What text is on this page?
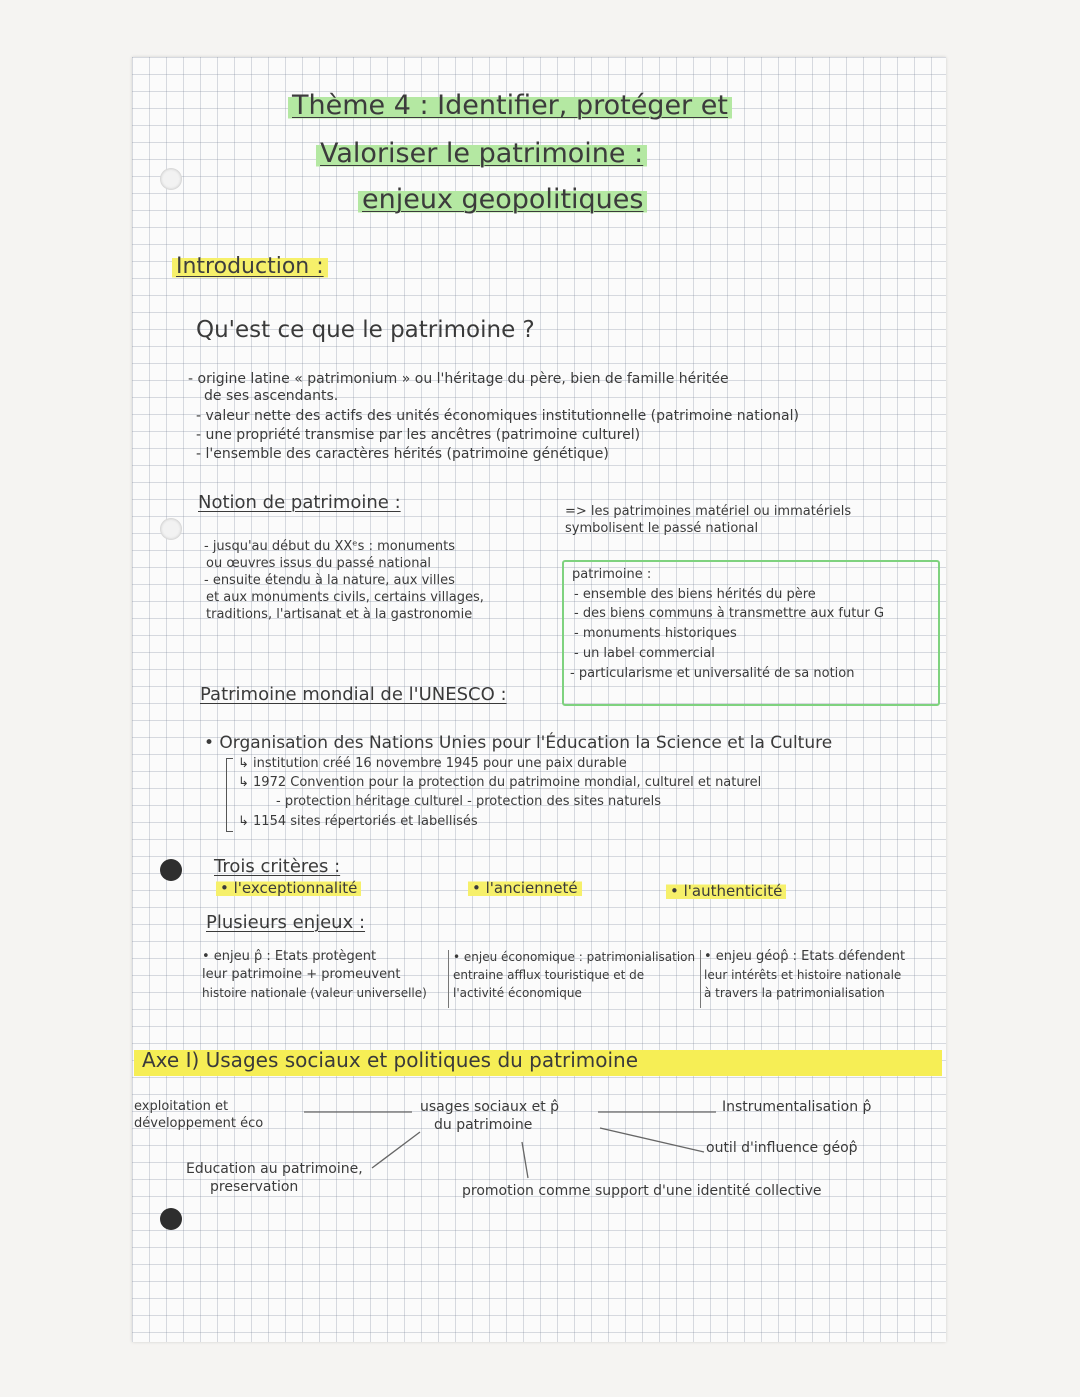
Thème 4 : Identifier, protéger et
Valoriser le patrimoine :
enjeux geopolitiques
Introduction :
Qu'est ce que le patrimoine ?
- origine latine « patrimonium » ou l'héritage du père, bien de famille héritée
de ses ascendants.
- valeur nette des actifs des unités économiques institutionnelle (patrimoine national)
- une propriété transmise par les ancêtres (patrimoine culturel)
- l'ensemble des caractères hérités (patrimoine génétique)
Notion de patrimoine :
- jusqu'au début du XXᵉs : monuments
ou œuvres issus du passé national
- ensuite étendu à la nature, aux villes
et aux monuments civils, certains villages,
traditions, l'artisanat et à la gastronomie
=> les patrimoines matériel ou immatériels
symbolisent le passé national
patrimoine :
- ensemble des biens hérités du père
- des biens communs à transmettre aux futur G
- monuments historiques
- un label commercial
- particularisme et universalité de sa notion
Patrimoine mondial de l'UNESCO :
• Organisation des Nations Unies pour l'Éducation la Science et la Culture
↳ institution créé 16 novembre 1945 pour une paix durable
↳ 1972 Convention pour la protection du patrimoine mondial, culturel et naturel
- protection héritage culturel - protection des sites naturels
↳ 1154 sites répertoriés et labellisés
Trois critères :
• l'exceptionnalité	• l'ancienneté	• l'authenticité
Plusieurs enjeux :
• enjeu p̂ : Etats protègent
leur patrimoine + promeuvent
histoire nationale (valeur universelle)
• enjeu économique : patrimonialisation
entraine afflux touristique et de
l'activité économique
• enjeu géop̂ : Etats défendent
leur intérêts et histoire nationale
à travers la patrimonialisation
Axe I) Usages sociaux et politiques du patrimoine
exploitation et
développement éco
usages sociaux et p̂
du patrimoine
Instrumentalisation p̂
outil d'influence géop̂
Education au patrimoine,
preservation	promotion comme support d'une identité collective
